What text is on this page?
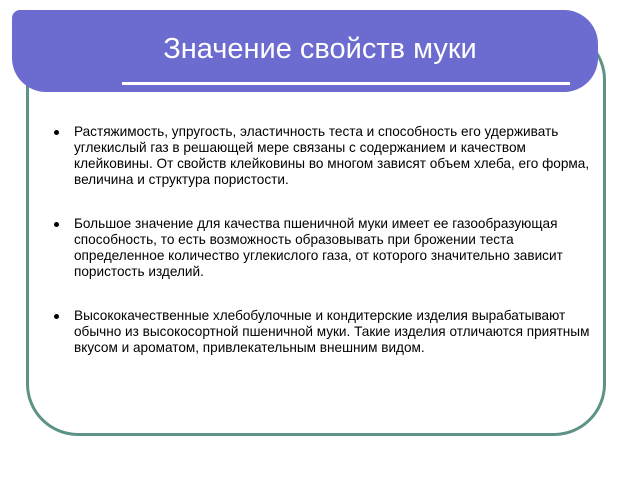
Значение свойств муки
Растяжимость, упругость, эластичность теста и способность его удерживать углекислый газ в решающей мере связаны с содержанием и качеством клейковины. От свойств клейковины во многом зависят объем хлеба, его форма, величина и структура пористости.
Большое значение для качества пшеничной муки имеет ее газообразующая способность, то есть возможность образовывать при брожении теста определенное количество углекислого газа, от которого значительно зависит пористость изделий.
Высококачественные хлебобулочные и кондитерские изделия вырабатывают обычно из высокосортной пшеничной муки. Такие изделия отличаются приятным вкусом и ароматом, привлекательным внешним видом.
